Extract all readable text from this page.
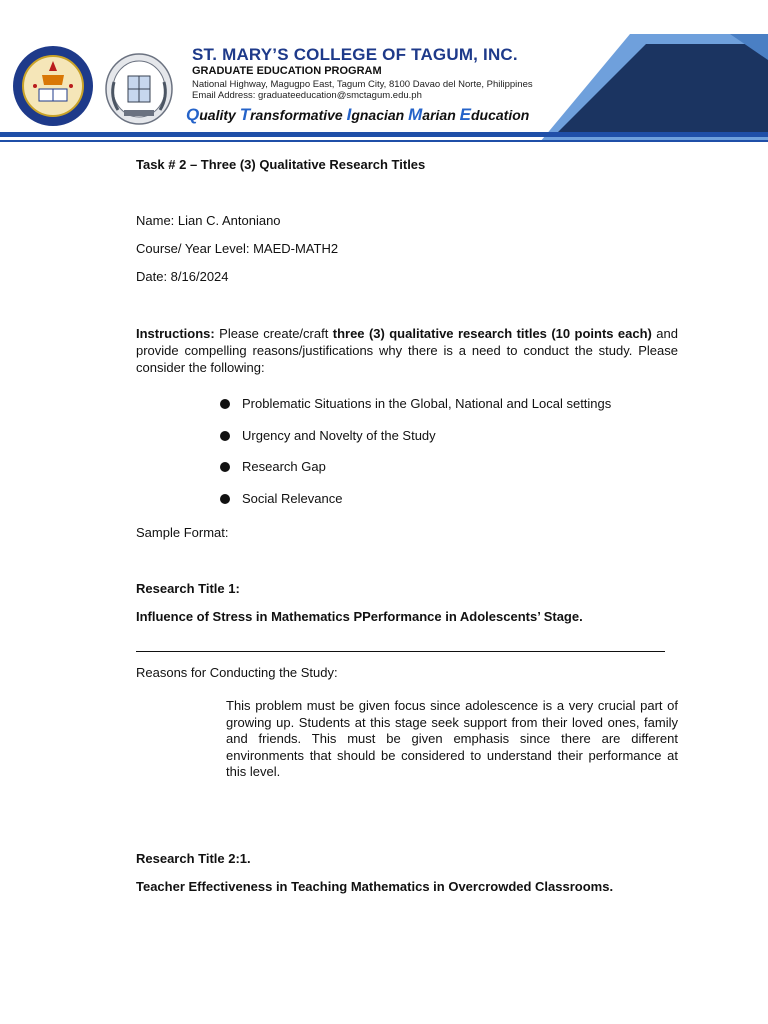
ST. MARY’S COLLEGE OF TAGUM, INC.
GRADUATE EDUCATION PROGRAM
National Highway, Magugpo East, Tagum City, 8100 Davao del Norte, Philippines
Email Address: graduateeducation@smctagum.edu.ph
Quality Transformative Ignacian Marian Education
Task # 2 – Three (3) Qualitative Research Titles
Name: Lian C. Antoniano
Course/ Year Level: MAED-MATH2
Date: 8/16/2024
Instructions: Please create/craft three (3) qualitative research titles (10 points each) and provide compelling reasons/justifications why there is a need to conduct the study. Please consider the following:
Problematic Situations in the Global, National and Local settings
Urgency and Novelty of the Study
Research Gap
Social Relevance
Sample Format:
Research Title 1:
Influence of Stress in Mathematics PPerformance in Adolescents’ Stage.
Reasons for Conducting the Study:
This problem must be given focus since adolescence is a very crucial part of growing up. Students at this stage seek support from their loved ones, family and friends. This must be given emphasis since there are different environments that should be considered to understand their performance at this level.
Research Title 2:1.
Teacher Effectiveness in Teaching Mathematics in Overcrowded Classrooms.
